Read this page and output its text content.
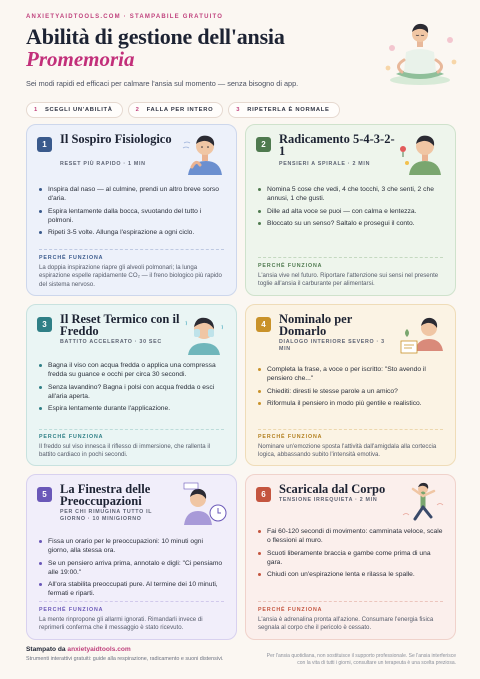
ANXIETYAIDTOOLS.COM · STAMPABILE GRATUITO
Abilità di gestione dell'ansia
Promemoria
Sei modi rapidi ed efficaci per calmare l'ansia sul momento — senza bisogno di app.
1 SCEGLI UN'ABILITÀ	2 FALLA PER INTERO	3 RIPETERLA È NORMALE
1	Il Sospiro Fisiologico
RESET PIÙ RAPIDO · 1 MIN
Inspira dal naso — al culmine, prendi un altro breve sorso d'aria.
Espira lentamente dalla bocca, svuotando del tutto i polmoni.
Ripeti 3-5 volte. Allunga l'espirazione a ogni ciclo.
PERCHÉ FUNZIONA
La doppia inspirazione riapre gli alveoli polmonari; la lunga espirazione espelle rapidamente CO₂ — il freno biologico più rapido del sistema nervoso.
2	Radicamento 5-4-3-2-1
PENSIERI A SPIRALE · 2 MIN
Nomina 5 cose che vedi, 4 che tocchi, 3 che senti, 2 che annusi, 1 che gusti.
Dille ad alta voce se puoi — con calma e lentezza.
Bloccato su un senso? Saltalo e prosegui il conto.
PERCHÉ FUNZIONA
L'ansia vive nel futuro. Riportare l'attenzione sui sensi nel presente toglie all'ansia il carburante per alimentarsi.
3	Il Reset Termico con il Freddo
BATTITO ACCELERATO · 30 SEC
Bagna il viso con acqua fredda o applica una compressa fredda su guance e occhi per circa 30 secondi.
Senza lavandino? Bagna i polsi con acqua fredda o esci all'aria aperta.
Espira lentamente durante l'applicazione.
PERCHÉ FUNZIONA
Il freddo sul viso innesca il riflesso di immersione, che rallenta il battito cardiaco in pochi secondi.
4	Nominalo per Domarlo
DIALOGO INTERIORE SEVERO · 3 MIN
Completa la frase, a voce o per iscritto: "Sto avendo il pensiero che..."
Chiediti: diresti le stesse parole a un amico?
Riformula il pensiero in modo più gentile e realistico.
PERCHÉ FUNZIONA
Nominare un'emozione sposta l'attività dall'amigdala alla corteccia logica, abbassando subito l'intensità emotiva.
5	La Finestra delle Preoccupazioni
PER CHI RIMUGINA TUTTO IL GIORNO · 10 MIN/GIORNO
Fissa un orario per le preoccupazioni: 10 minuti ogni giorno, alla stessa ora.
Se un pensiero arriva prima, annotalo e digli: "Ci pensiamo alle 19:00."
All'ora stabilita preoccupati pure. Al termine dei 10 minuti, fermati e riparti.
PERCHÉ FUNZIONA
La mente rinpropone gli allarmi ignorati. Rimandarli invece di reprimerli conferma che il messaggio è stato ricevuto.
6	Scaricala dal Corpo
TENSIONE IRREQUIETA · 2 MIN
Fai 60-120 secondi di movimento: camminata veloce, scale o flessioni al muro.
Scuoti liberamente braccia e gambe come prima di una gara.
Chiudi con un'espirazione lenta e rilassa le spalle.
PERCHÉ FUNZIONA
L'ansia è adrenalina pronta all'azione. Consumare l'energia fisica segnala al corpo che il pericolo è cessato.
Stampato da anxietyaidtools.com
Strumenti interattivi gratuiti: guide alla respirazione, radicamento e suoni distensivi.	Per l'ansia quotidiana, non sostituisce il supporto professionale. Se l'ansia interferisce con la vita di tutti i giorni, consultare un terapeuta è una scelta preziosa.
